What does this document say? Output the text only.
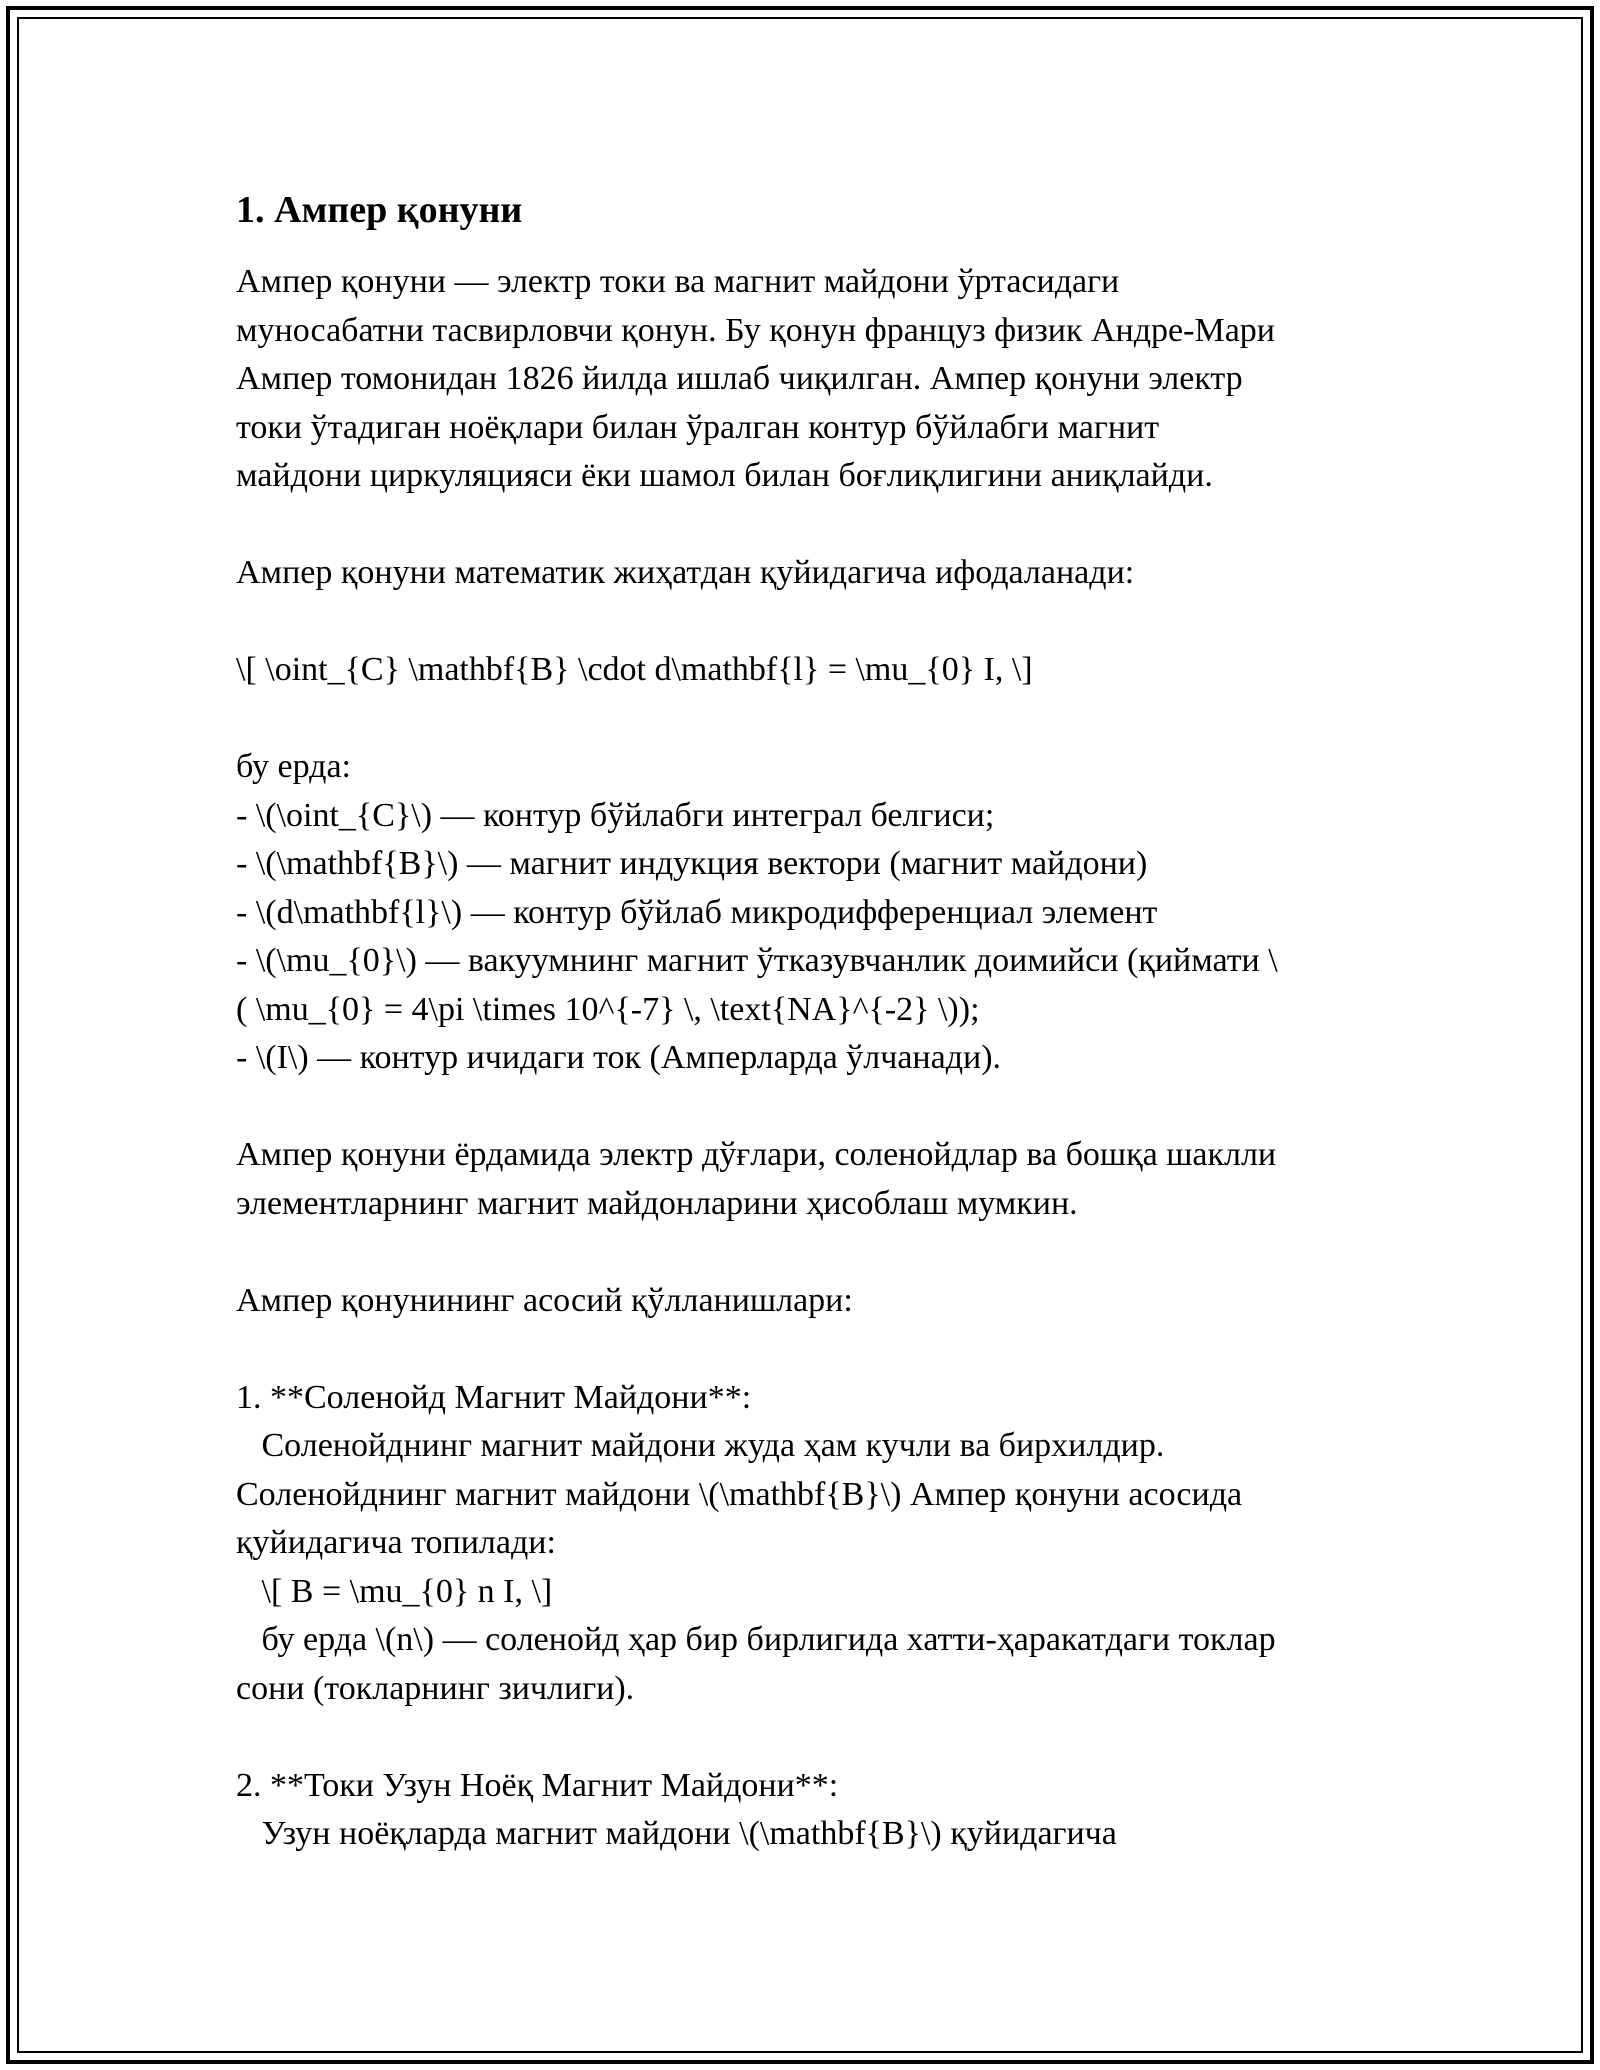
1. Ампер қонуни
Ампер қонуни — электр токи ва магнит майдони ўртасидаги
муносабатни тасвирловчи қонун. Бу қонун француз физик Андре-Мари
Ампер томонидан 1826 йилда ишлаб чиқилган. Ампер қонуни электр
токи ўтадиган ноёқлари билан ўралган контур бўйлабги магнит
майдони циркуляцияси ёки шамол билан боғлиқлигини аниқлайди.
Ампер қонуни математик жиҳатдан қуйидагича ифодаланади:
\[ \oint_{C} \mathbf{B} \cdot d\mathbf{l} = \mu_{0} I, \]
бу ерда:
- \(\oint_{C}\) — контур бўйлабги интеграл белгиси;
- \(\mathbf{B}\) — магнит индукция вектори (магнит майдони)
- \(d\mathbf{l}\) — контур бўйлаб микродифференциал элемент
- \(\mu_{0}\) — вакуумнинг магнит ўтказувчанлик доимийси (қиймати \
( \mu_{0} = 4\pi \times 10^{-7} \, \text{NA}^{-2} \));
- \(I\) — контур ичидаги ток (Амперларда ўлчанади).
Ампер қонуни ёрдамида электр дўғлари, соленойдлар ва бошқа шаклли
элементларнинг магнит майдонларини ҳисоблаш мумкин.
Ампер қонунининг асосий қўлланишлари:
1. **Соленойд Магнит Майдони**:
Соленойднинг магнит майдони жуда ҳам кучли ва бирхилдир.
Соленойднинг магнит майдони \(\mathbf{B}\) Ампер қонуни асосида
қуйидагича топилади:
\[ B = \mu_{0} n I, \]
бу ерда \(n\) — соленойд ҳар бир бирлигида хатти-ҳаракатдаги токлар
сони (токларнинг зичлиги).
2. **Токи Узун Ноёқ Магнит Майдони**:
Узун ноёқларда магнит майдони \(\mathbf{B}\) қуйидагича
